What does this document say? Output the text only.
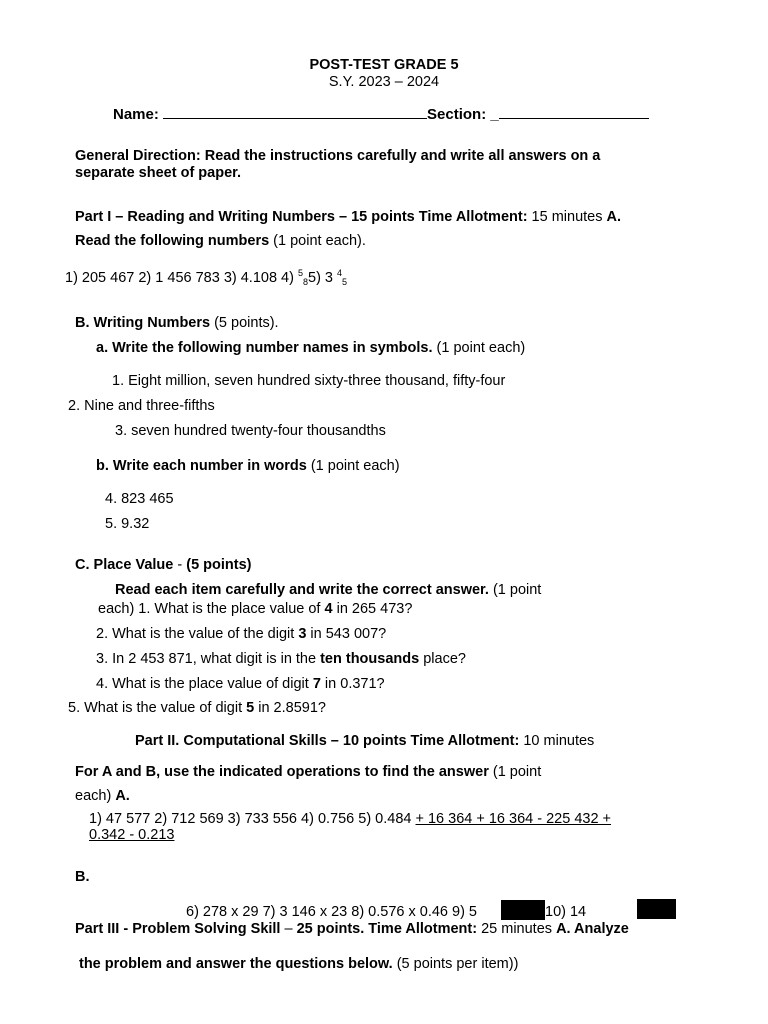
POST-TEST GRADE 5
S.Y. 2023 – 2024
Name:	Section: _
General Direction: Read the instructions carefully and write all answers on a
separate sheet of paper.
Part I – Reading and Writing Numbers – 15 points Time Allotment: 15 minutes A.
Read the following numbers (1 point each).
1) 205 467 2) 1 456 783 3) 4.108 4) $^5_8$5) 3 $^4_5$
B. Writing Numbers (5 points).
a. Write the following number names in symbols. (1 point each)
1. Eight million, seven hundred sixty-three thousand, fifty-four
2. Nine and three-fifths
3. seven hundred twenty-four thousandths
b. Write each number in words (1 point each)
4. 823 465
5. 9.32
C. Place Value - (5 points)
Read each item carefully and write the correct answer. (1 point
each) 1. What is the place value of 4 in 265 473?
2. What is the value of the digit 3 in 543 007?
3. In 2 453 871, what digit is in the ten thousands place?
4. What is the place value of digit 7 in 0.371?
5. What is the value of digit 5 in 2.8591?
Part II. Computational Skills – 10 points Time Allotment: 10 minutes
For A and B, use the indicated operations to find the answer (1 point
each) A.
1) 47 577 2) 712 569 3) 733 556 4) 0.756 5) 0.484 + 16 364 + 16 364 - 225 432 +
0.342 - 0.213
B.
6) 278 x 29 7) 3 146 x 23 8) 0.576 x 0.46 9) 5	10) 14
Part III - Problem Solving Skill – 25 points. Time Allotment: 25 minutes A. Analyze
the problem and answer the questions below. (5 points per item))
